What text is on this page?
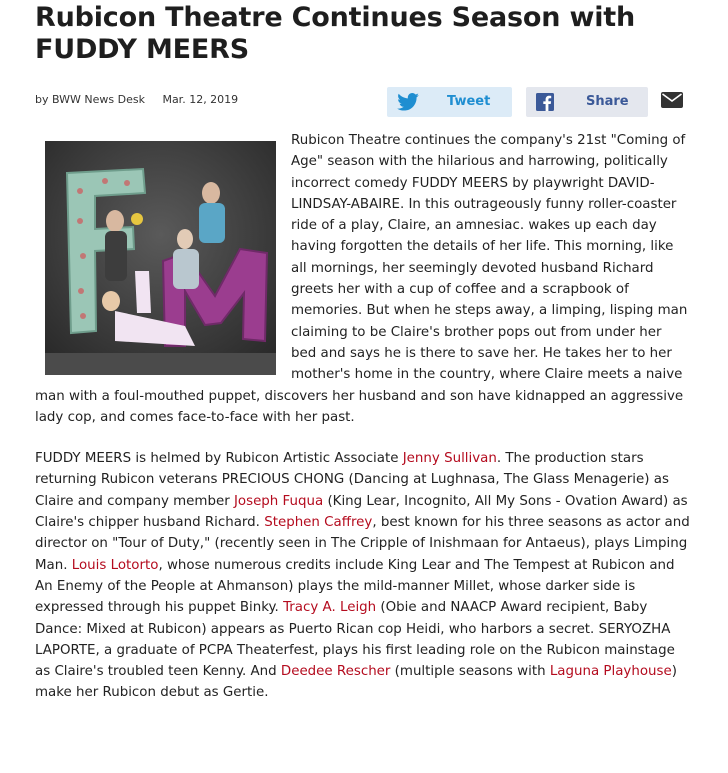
Rubicon Theatre Continues Season with FUDDY MEERS
by BWW News Desk Mar. 12, 2019	Tweet	Share

Rubicon Theatre continues the company's 21st "Coming of Age" season with the hilarious and harrowing, politically incorrect comedy FUDDY MEERS by playwright DAVID-LINDSAY-ABAIRE. In this outrageously funny roller-coaster ride of a play, Claire, an amnesiac. wakes up each day having forgotten the details of her life. This morning, like all mornings, her seemingly devoted husband Richard greets her with a cup of coffee and a scrapbook of memories. But when he steps away, a limping, lisping man claiming to be Claire's brother pops out from under her bed and says he is there to save her. He takes her to her mother's home in the country, where Claire meets a naive man with a foul-mouthed puppet, discovers her husband and son have kidnapped an aggressive lady cop, and comes face-to-face with her past.

FUDDY MEERS is helmed by Rubicon Artistic Associate Jenny Sullivan. The production stars returning Rubicon veterans PRECIOUS CHONG (Dancing at Lughnasa, The Glass Menagerie) as Claire and company member Joseph Fuqua (King Lear, Incognito, All My Sons - Ovation Award) as Claire's chipper husband Richard. Stephen Caffrey, best known for his three seasons as actor and director on "Tour of Duty," (recently seen in The Cripple of Inishmaan for Antaeus), plays Limping Man. Louis Lotorto, whose numerous credits include King Lear and The Tempest at Rubicon and An Enemy of the People at Ahmanson) plays the mild-manner Millet, whose darker side is expressed through his puppet Binky. Tracy A. Leigh (Obie and NAACP Award recipient, Baby Dance: Mixed at Rubicon) appears as Puerto Rican cop Heidi, who harbors a secret. SERYOZHA LAPORTE, a graduate of PCPA Theaterfest, plays his first leading role on the Rubicon mainstage as Claire's troubled teen Kenny. And Deedee Rescher (multiple seasons with Laguna Playhouse) make her Rubicon debut as Gertie.
